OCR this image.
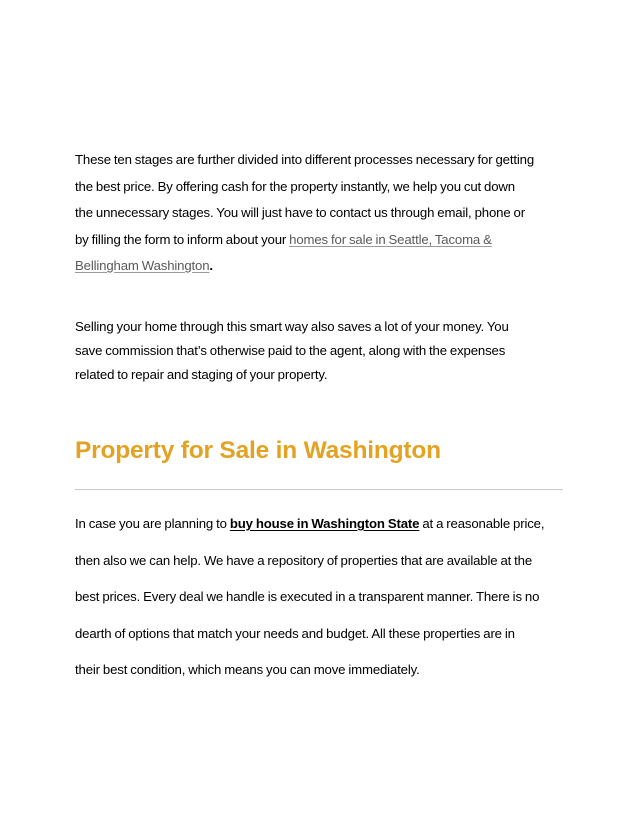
These ten stages are further divided into different processes necessary for getting
the best price. By offering cash for the property instantly, we help you cut down
the unnecessary stages. You will just have to contact us through email, phone or
by filling the form to inform about your homes for sale in Seattle, Tacoma &
Bellingham Washington.

Selling your home through this smart way also saves a lot of your money. You
save commission that’s otherwise paid to the agent, along with the expenses
related to repair and staging of your property.

Property for Sale in Washington

In case you are planning to buy house in Washington State at a reasonable price,
then also we can help. We have a repository of properties that are available at the
best prices. Every deal we handle is executed in a transparent manner. There is no
dearth of options that match your needs and budget. All these properties are in
their best condition, which means you can move immediately.
